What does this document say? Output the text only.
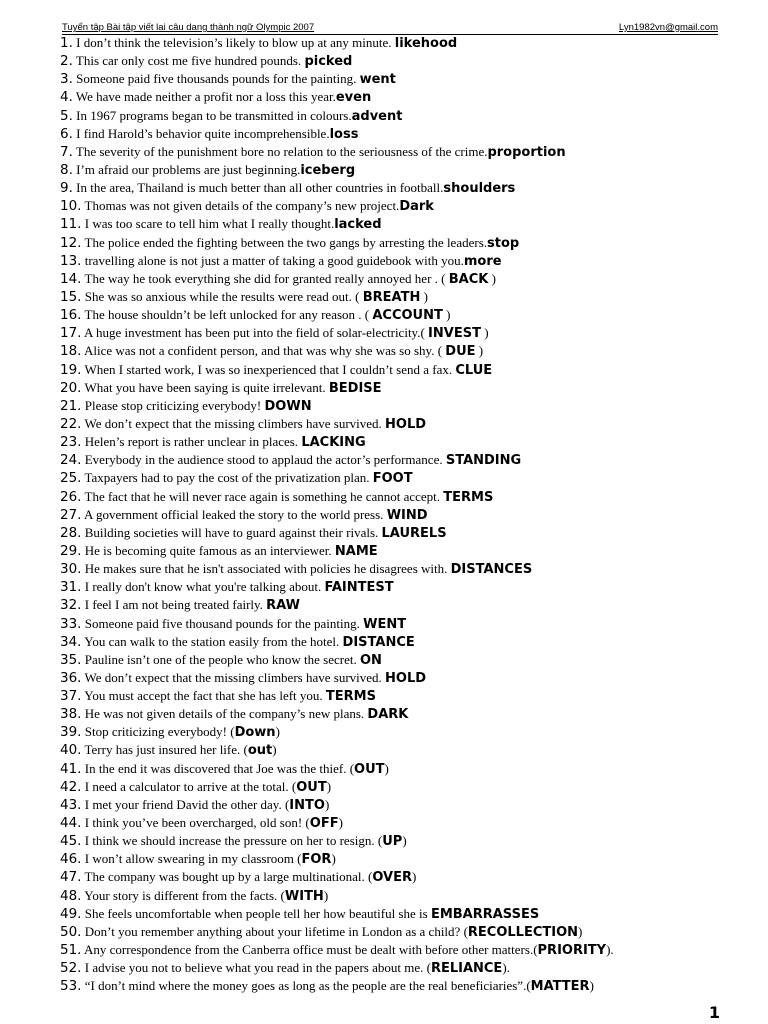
Tuyển tập Bài tập viết lai câu dang thành ngữ Olympic 2007	Lyn1982vn@gmail.com
1. I don’t think the television’s likely to blow up at any minute. likehood
2. This car only cost me five hundred pounds. picked
3. Someone paid five thousands pounds for the painting. went
4. We have made neither a profit nor a loss this year.even
5. In 1967 programs began to be transmitted in colours.advent
6. I find Harold’s behavior quite incomprehensible.loss
7. The severity of the punishment bore no relation to the seriousness of the crime.proportion
8. I’m afraid our problems are just beginning.iceberg
9. In the area, Thailand is much better than all other countries in football.shoulders
10. Thomas was not given details of the company’s new project.Dark
11. I was too scare to tell him what I really thought.lacked
12. The police ended the fighting between the two gangs by arresting the leaders.stop
13. travelling alone is not just a matter of taking a good guidebook with you.more
14. The way he took everything she did for granted really annoyed her . ( BACK )
15. She was so anxious while the results were read out. ( BREATH )
16. The house shouldn’t be left unlocked for any reason . ( ACCOUNT )
17. A huge investment has been put into the field of solar-electricity.( INVEST )
18. Alice was not a confident person, and that was why she was so shy. ( DUE )
19. When I started work, I was so inexperienced that I couldn’t send a fax. CLUE
20. What you have been saying is quite irrelevant. BEDISE
21. Please stop criticizing everybody! DOWN
22. We don’t expect that the missing climbers have survived. HOLD
23. Helen’s report is rather unclear in places. LACKING
24. Everybody in the audience stood to applaud the actor’s performance. STANDING
25. Taxpayers had to pay the cost of the privatization plan. FOOT
26. The fact that he will never race again is something he cannot accept. TERMS
27. A government official leaked the story to the world press. WIND
28. Building societies will have to guard against their rivals. LAURELS
29. He is becoming quite famous as an interviewer. NAME
30. He makes sure that he isn't associated with policies he disagrees with. DISTANCES
31. I really don't know what you're talking about. FAINTEST
32. I feel I am not being treated fairly. RAW
33. Someone paid five thousand pounds for the painting. WENT
34. You can walk to the station easily from the hotel. DISTANCE
35. Pauline isn’t one of the people who know the secret. ON
36. We don’t expect that the missing climbers have survived. HOLD
37. You must accept the fact that she has left you. TERMS
38. He was not given details of the company’s new plans. DARK
39. Stop criticizing everybody! (Down)
40. Terry has just insured her life. (out)
41. In the end it was discovered that Joe was the thief. (OUT)
42. I need a calculator to arrive at the total. (OUT)
43. I met your friend David the other day. (INTO)
44. I think you’ve been overcharged, old son! (OFF)
45. I think we should increase the pressure on her to resign. (UP)
46. I won’t allow swearing in my classroom (FOR)
47. The company was bought up by a large multinational. (OVER)
48. Your story is different from the facts. (WITH)
49. She feels uncomfortable when people tell her how beautiful she is EMBARRASSES
50. Don’t you remember anything about your lifetime in London as a child? (RECOLLECTION)
51. Any correspondence from the Canberra office must be dealt with before other matters.(PRIORITY).
52. I advise you not to believe what you read in the papers about me. (RELIANCE).
53. “I don’t mind where the money goes as long as the people are the real beneficiaries”.(MATTER)
1
